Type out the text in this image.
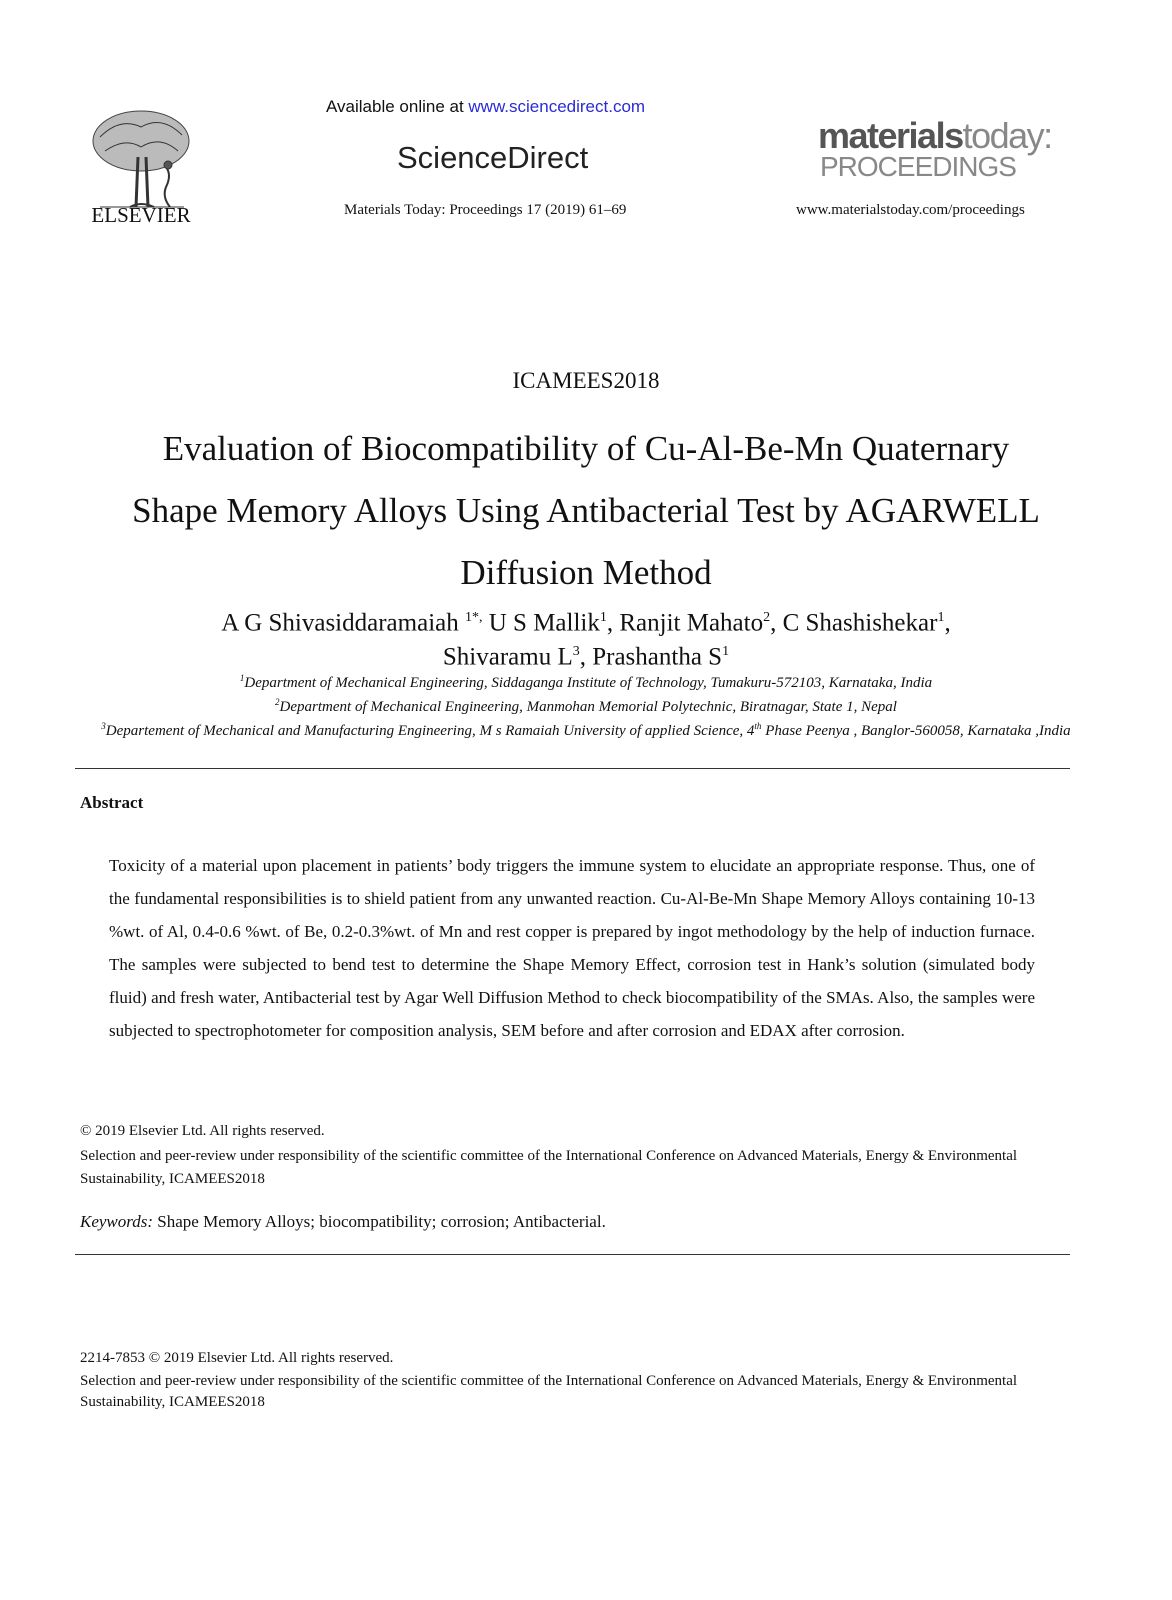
ELSEVIER
Available online at www.sciencedirect.com
ScienceDirect
Materials Today: Proceedings 17 (2019) 61–69
materialstoday:
PROCEEDINGS
www.materialstoday.com/proceedings
ICAMEES2018
Evaluation of Biocompatibility of Cu-Al-Be-Mn Quaternary
Shape Memory Alloys Using Antibacterial Test by AGARWELL
Diffusion Method
A G Shivasiddaramaiah $^{1*,}$ U S Mallik$^1$, Ranjit Mahato$^2$, C Shashishekar$^1$,
Shivaramu $L^3$, Prashantha $S^1$
$^1$Department of Mechanical Engineering, Siddaganga Institute of Technology, Tumakuru-572103, Karnataka, India
$^2$Department of Mechanical Engineering, Manmohan Memorial Polytechnic, Biratnagar, State 1, Nepal
$^3$Departement of Mechanical and Manufacturing Engineering, M s Ramaiah University of applied Science, 4th Phase Peenya , Banglor-560058, Karnataka ,India
Abstract
Toxicity of a material upon placement in patients’ body triggers the immune system to elucidate an appropriate response. Thus, one of the fundamental responsibilities is to shield patient from any unwanted reaction. Cu-Al-Be-Mn Shape Memory Alloys containing 10-13 %wt. of Al, 0.4-0.6 %wt. of Be, 0.2-0.3%wt. of Mn and rest copper is prepared by ingot methodology by the help of induction furnace. The samples were subjected to bend test to determine the Shape Memory Effect, corrosion test in Hank’s solution (simulated body fluid) and fresh water, Antibacterial test by Agar Well Diffusion Method to check biocompatibility of the SMAs. Also, the samples were subjected to spectrophotometer for composition analysis, SEM before and after corrosion and EDAX after corrosion.
© 2019 Elsevier Ltd. All rights reserved.
Selection and peer-review under responsibility of the scientific committee of the International Conference on Advanced Materials, Energy & Environmental Sustainability, ICAMEES2018
Keywords: Shape Memory Alloys; biocompatibility; corrosion; Antibacterial.
2214-7853 © 2019 Elsevier Ltd. All rights reserved.
Selection and peer-review under responsibility of the scientific committee of the International Conference on Advanced Materials, Energy & Environmental Sustainability, ICAMEES2018
